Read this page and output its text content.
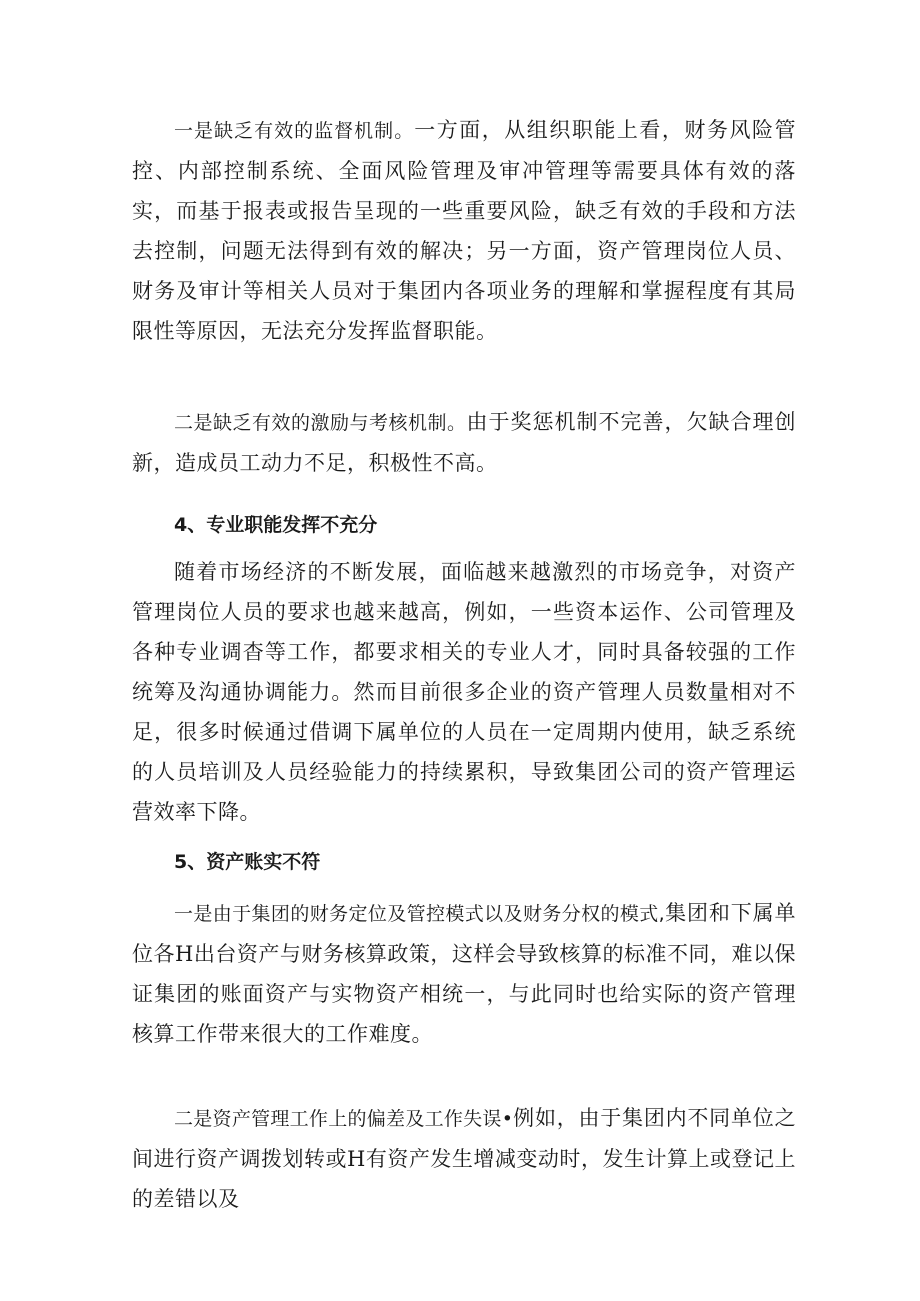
一是缺乏有效的监督机制。一方面，从组织职能上看，财务风险管控、内部控制系统、全面风险管理及审冲管理等需要具体有效的落实，而基于报表或报告呈现的一些重要风险，缺乏有效的手段和方法去控制，问题无法得到有效的解决；另一方面，资产管理岗位人员、财务及审计等相关人员对于集团内各项业务的理解和掌握程度有其局限性等原因，无法充分发挥监督职能。

二是缺乏有效的激励与考核机制。由于奖惩机制不完善，欠缺合理创新，造成员工动力不足，积极性不高。

4、专业职能发挥不充分

随着市场经济的不断发展，面临越来越激烈的市场竞争，对资产管理岗位人员的要求也越来越高，例如，一些资本运作、公司管理及各种专业调杳等工作，都要求相关的专业人才，同时具备较强的工作统筹及沟通协调能力。然而目前很多企业的资产管理人员数量相对不足，很多时候通过借调下属单位的人员在一定周期内使用，缺乏系统的人员培训及人员经验能力的持续累积，导致集团公司的资产管理运营效率下降。

5、资产账实不符

一是由于集团的财务定位及管控模式以及财务分权的模式,集团和下属单位各H出台资产与财务核算政策，这样会导致核算的标准不同，难以保证集团的账面资产与实物资产相统一，与此同时也给实际的资产管理核算工作带来很大的工作难度。

二是资产管理工作上的偏差及工作失误•例如，由于集团内不同单位之间进行资产调拨划转或H有资产发生增减变动时，发生计算上或登记上的差错以及
